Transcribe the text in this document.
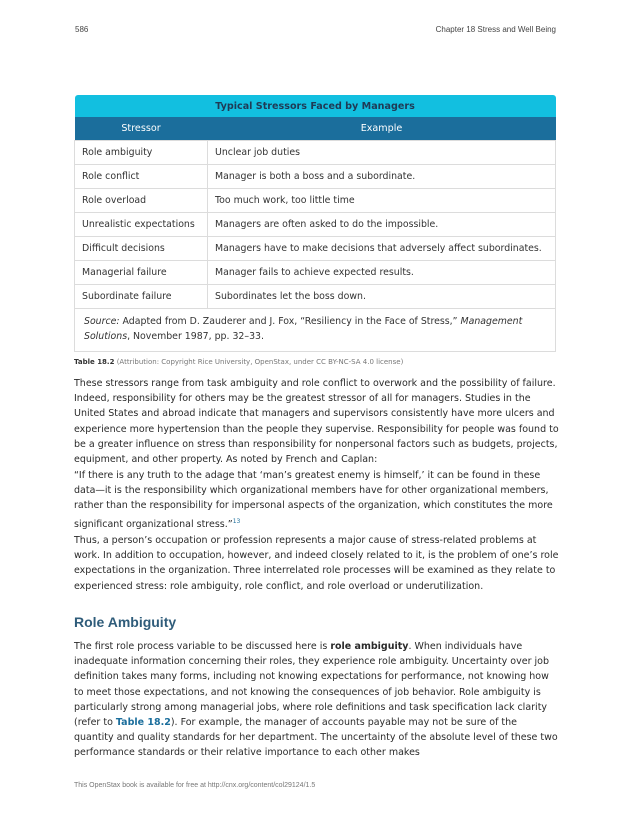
586	Chapter 18 Stress and Well Being
Typical Stressors Faced by Managers	
Stressor	Example
Role ambiguity	Unclear job duties
Role conflict	Manager is both a boss and a subordinate.
Role overload	Too much work, too little time
Unrealistic expectations	Managers are often asked to do the impossible.
Difficult decisions	Managers have to make decisions that adversely affect subordinates.
Managerial failure	Manager fails to achieve expected results.
Subordinate failure	Subordinates let the boss down.
Source: Adapted from D. Zauderer and J. Fox, “Resiliency in the Face of Stress,” Management Solutions, November 1987, pp. 32–33.	
Table 18.2 (Attribution: Copyright Rice University, OpenStax, under CC BY-NC-SA 4.0 license)

These stressors range from task ambiguity and role conflict to overwork and the possibility of failure. Indeed, responsibility for others may be the greatest stressor of all for managers. Studies in the United States and abroad indicate that managers and supervisors consistently have more ulcers and experience more hypertension than the people they supervise. Responsibility for people was found to be a greater influence on stress than responsibility for nonpersonal factors such as budgets, projects, equipment, and other property. As noted by French and Caplan:

“If there is any truth to the adage that ‘man’s greatest enemy is himself,’ it can be found in these data—it is the responsibility which organizational members have for other organizational members, rather than the responsibility for impersonal aspects of the organization, which constitutes the more significant organizational stress.”$^{13}$

Thus, a person’s occupation or profession represents a major cause of stress-related problems at work. In addition to occupation, however, and indeed closely related to it, is the problem of one’s role expectations in the organization. Three interrelated role processes will be examined as they relate to experienced stress: role ambiguity, role conflict, and role overload or underutilization.

Role Ambiguity

The first role process variable to be discussed here is role ambiguity. When individuals have inadequate information concerning their roles, they experience role ambiguity. Uncertainty over job definition takes many forms, including not knowing expectations for performance, not knowing how to meet those expectations, and not knowing the consequences of job behavior. Role ambiguity is particularly strong among managerial jobs, where role definitions and task specification lack clarity (refer to Table 18.2). For example, the manager of accounts payable may not be sure of the quantity and quality standards for her department. The uncertainty of the absolute level of these two performance standards or their relative importance to each other makes

This OpenStax book is available for free at http://cnx.org/content/col29124/1.5
